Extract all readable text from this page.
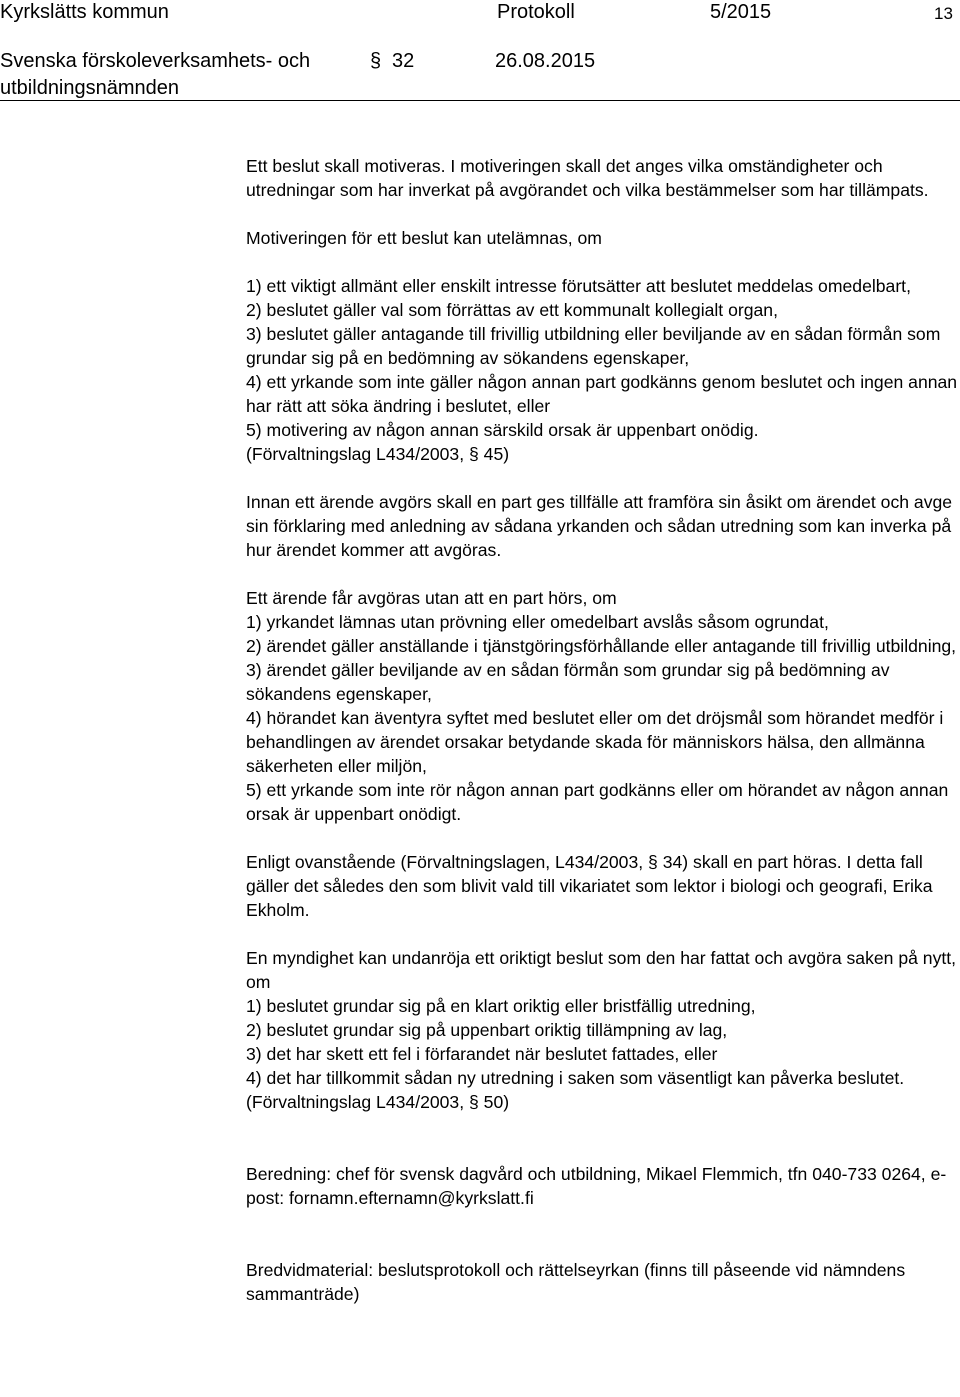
Kyrkslätts kommun	Protokoll	5/2015	13
Svenska förskoleverksamhets- och
utbildningsnämnden
§ 32	26.08.2015

Ett beslut skall motiveras. I motiveringen skall det anges vilka omständigheter och utredningar som har inverkat på avgörandet och vilka bestämmelser som har tillämpats.

Motiveringen för ett beslut kan utelämnas, om

1) ett viktigt allmänt eller enskilt intresse förutsätter att beslutet meddelas omedelbart,
2) beslutet gäller val som förrättas av ett kommunalt kollegialt organ,
3) beslutet gäller antagande till frivillig utbildning eller beviljande av en sådan förmån som grundar sig på en bedömning av sökandens egenskaper,
4) ett yrkande som inte gäller någon annan part godkänns genom beslutet och ingen annan har rätt att söka ändring i beslutet, eller
5) motivering av någon annan särskild orsak är uppenbart onödig.
(Förvaltningslag L434/2003, § 45)

Innan ett ärende avgörs skall en part ges tillfälle att framföra sin åsikt om ärendet och avge sin förklaring med anledning av sådana yrkanden och sådan utredning som kan inverka på hur ärendet kommer att avgöras.

Ett ärende får avgöras utan att en part hörs, om
1) yrkandet lämnas utan prövning eller omedelbart avslås såsom ogrundat,
2) ärendet gäller anställande i tjänstgöringsförhållande eller antagande till frivillig utbildning,
3) ärendet gäller beviljande av en sådan förmån som grundar sig på bedömning av sökandens egenskaper,
4) hörandet kan äventyra syftet med beslutet eller om det dröjsmål som hörandet medför i behandlingen av ärendet orsakar betydande skada för människors hälsa, den allmänna säkerheten eller miljön,
5) ett yrkande som inte rör någon annan part godkänns eller om hörandet av någon annan orsak är uppenbart onödigt.

Enligt ovanstående (Förvaltningslagen, L434/2003, § 34) skall en part höras. I detta fall gäller det således den som blivit vald till vikariatet som lektor i biologi och geografi, Erika Ekholm.

En myndighet kan undanröja ett oriktigt beslut som den har fattat och avgöra saken på nytt, om
1) beslutet grundar sig på en klart oriktig eller bristfällig utredning,
2) beslutet grundar sig på uppenbart oriktig tillämpning av lag,
3) det har skett ett fel i förfarandet när beslutet fattades, eller
4) det har tillkommit sådan ny utredning i saken som väsentligt kan påverka beslutet.
(Förvaltningslag L434/2003, § 50)

Beredning: chef för svensk dagvård och utbildning, Mikael Flemmich, tfn 040-733 0264, e-post: fornamn.efternamn@kyrkslatt.fi

Bredvidmaterial: beslutsprotokoll och rättelseyrkan (finns till påseende vid nämndens sammanträde)
